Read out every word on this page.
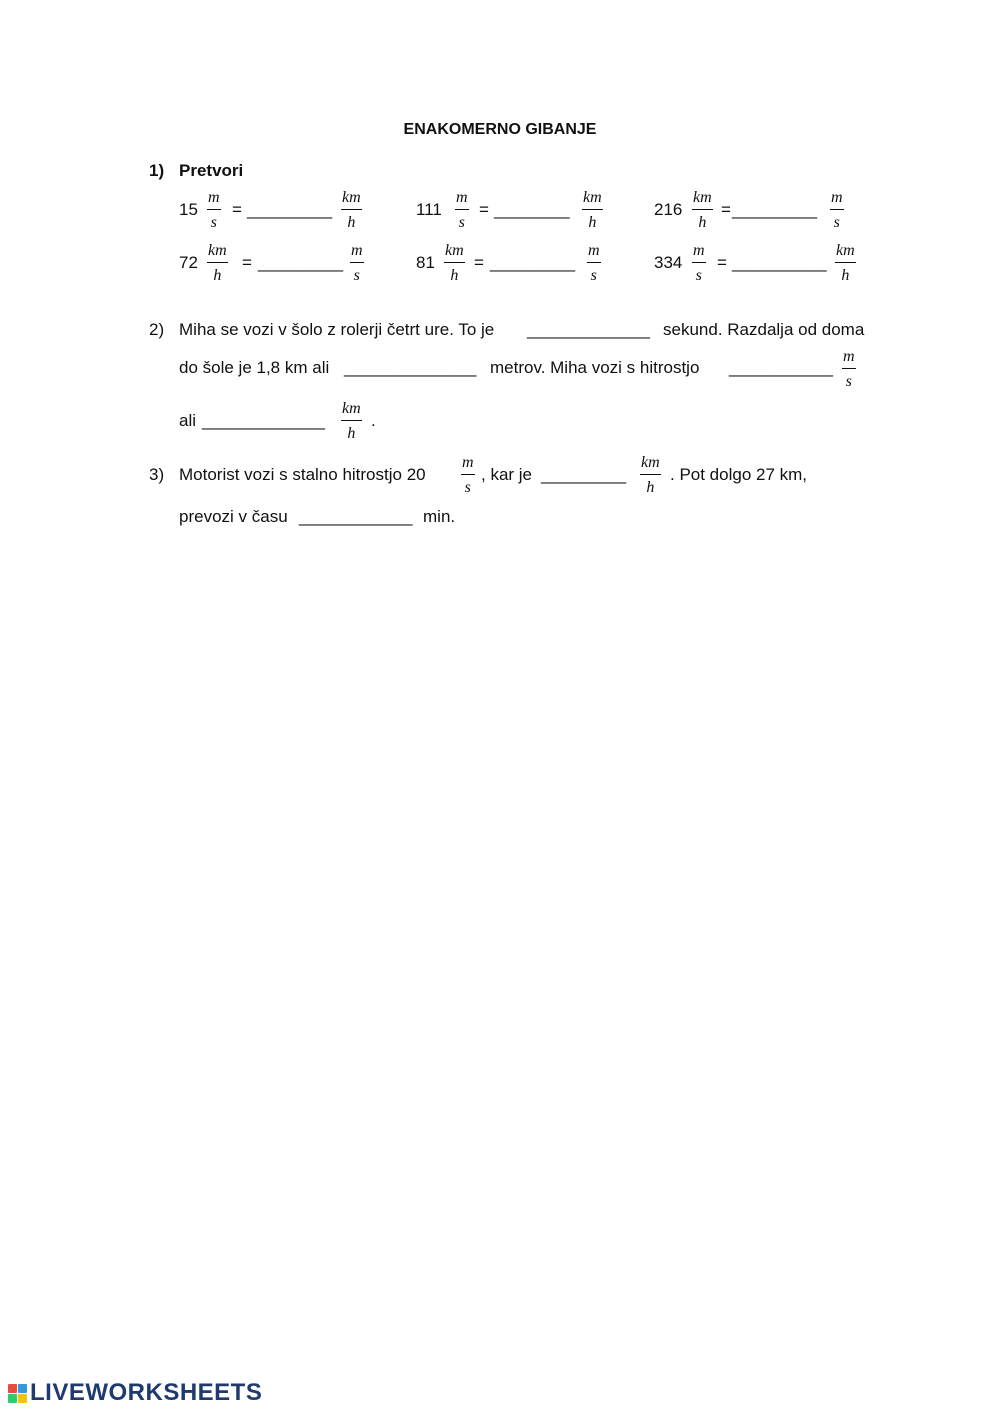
ENAKOMERNO GIBANJE
1) Pretvori
15
m
s
= _________
km
h
111
m
s
= ________
km
h
216
km
h
= _________
m
s
72
km
h
= _________
m
s
81
km
h
= _________
m
s
334
m
s
= __________
km
h
2) Miha se vozi v šolo z rolerji četrt ure. To je _____________ sekund. Razdalja od doma
do šole je 1,8 km ali ______________ metrov. Miha vozi s hitrostjo ___________
m
s
ali _____________
km
h
.
3) Motorist vozi s stalno hitrostjo 20
m
s
, kar je _________
km
h
. Pot dolgo 27 km,
prevozi v času ____________ min.
LIVEWORKSHEETS
